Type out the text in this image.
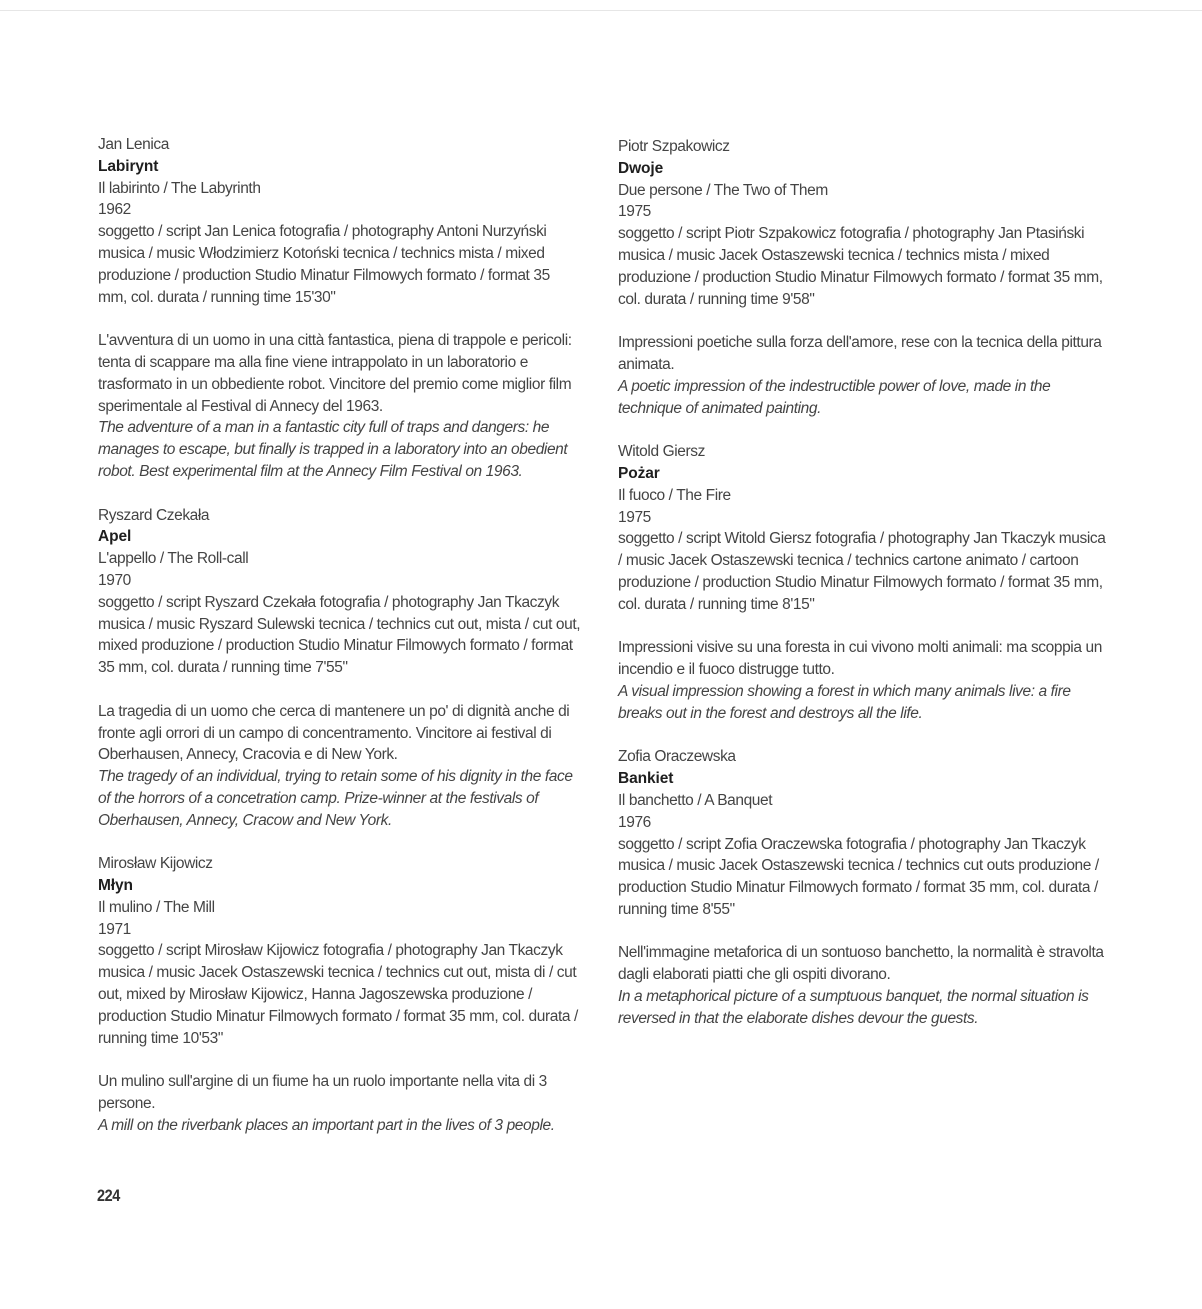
Jan Lenica

Labirynt

Il labirinto / The Labyrinth

1962

soggetto / script Jan Lenica fotografia / photography Antoni Nurzyński musica / music Włodzimierz Kotoński tecnica / technics mista / mixed produzione / production Studio Minatur Filmowych formato / format 35 mm, col. durata / running time 15'30"

L'avventura di un uomo in una città fantastica, piena di trappole e pericoli: tenta di scappare ma alla fine viene intrappolato in un laboratorio e trasformato in un obbediente robot. Vincitore del premio come miglior film sperimentale al Festival di Annecy del 1963.

The adventure of a man in a fantastic city full of traps and dangers: he manages to escape, but finally is trapped in a laboratory into an obedient robot. Best experimental film at the Annecy Film Festival on 1963.

Ryszard Czekała

Apel

L'appello / The Roll-call

1970

soggetto / script Ryszard Czekała fotografia / photography Jan Tkaczyk musica / music Ryszard Sulewski tecnica / technics cut out, mista / cut out, mixed produzione / production Studio Minatur Filmowych formato / format 35 mm, col. durata / running time 7'55"

La tragedia di un uomo che cerca di mantenere un po' di dignità anche di fronte agli orrori di un campo di concentramento. Vincitore ai festival di Oberhausen, Annecy, Cracovia e di New York.

The tragedy of an individual, trying to retain some of his dignity in the face of the horrors of a concetration camp. Prize-winner at the festivals of Oberhausen, Annecy, Cracow and New York.

Mirosław Kijowicz

Młyn

Il mulino / The Mill

1971

soggetto / script Mirosław Kijowicz fotografia / photography Jan Tkaczyk musica / music Jacek Ostaszewski tecnica / technics cut out, mista di / cut out, mixed by Mirosław Kijowicz, Hanna Jagoszewska produzione / production Studio Minatur Filmowych formato / format 35 mm, col. durata / running time 10'53"

Un mulino sull'argine di un fiume ha un ruolo importante nella vita di 3 persone.

A mill on the riverbank places an important part in the lives of 3 people.

Piotr Szpakowicz

Dwoje

Due persone / The Two of Them

1975

soggetto / script Piotr Szpakowicz fotografia / photography Jan Ptasiński musica / music Jacek Ostaszewski tecnica / technics mista / mixed produzione / production Studio Minatur Filmowych formato / format 35 mm, col. durata / running time 9'58"

Impressioni poetiche sulla forza dell'amore, rese con la tecnica della pittura animata.

A poetic impression of the indestructible power of love, made in the technique of animated painting.

Witold Giersz

Pożar

Il fuoco / The Fire

1975

soggetto / script Witold Giersz fotografia / photography Jan Tkaczyk musica / music Jacek Ostaszewski tecnica / technics cartone animato / cartoon produzione / production Studio Minatur Filmowych formato / format 35 mm, col. durata / running time 8'15"

Impressioni visive su una foresta in cui vivono molti animali: ma scoppia un incendio e il fuoco distrugge tutto.

A visual impression showing a forest in which many animals live: a fire breaks out in the forest and destroys all the life.

Zofia Oraczewska

Bankiet

Il banchetto / A Banquet

1976

soggetto / script Zofia Oraczewska fotografia / photography Jan Tkaczyk musica / music Jacek Ostaszewski tecnica / technics cut outs produzione / production Studio Minatur Filmowych formato / format 35 mm, col. durata / running time 8'55"

Nell'immagine metaforica di un sontuoso banchetto, la normalità è stravolta dagli elaborati piatti che gli ospiti divorano.

In a metaphorical picture of a sumptuous banquet, the normal situation is reversed in that the elaborate dishes devour the guests.

224
